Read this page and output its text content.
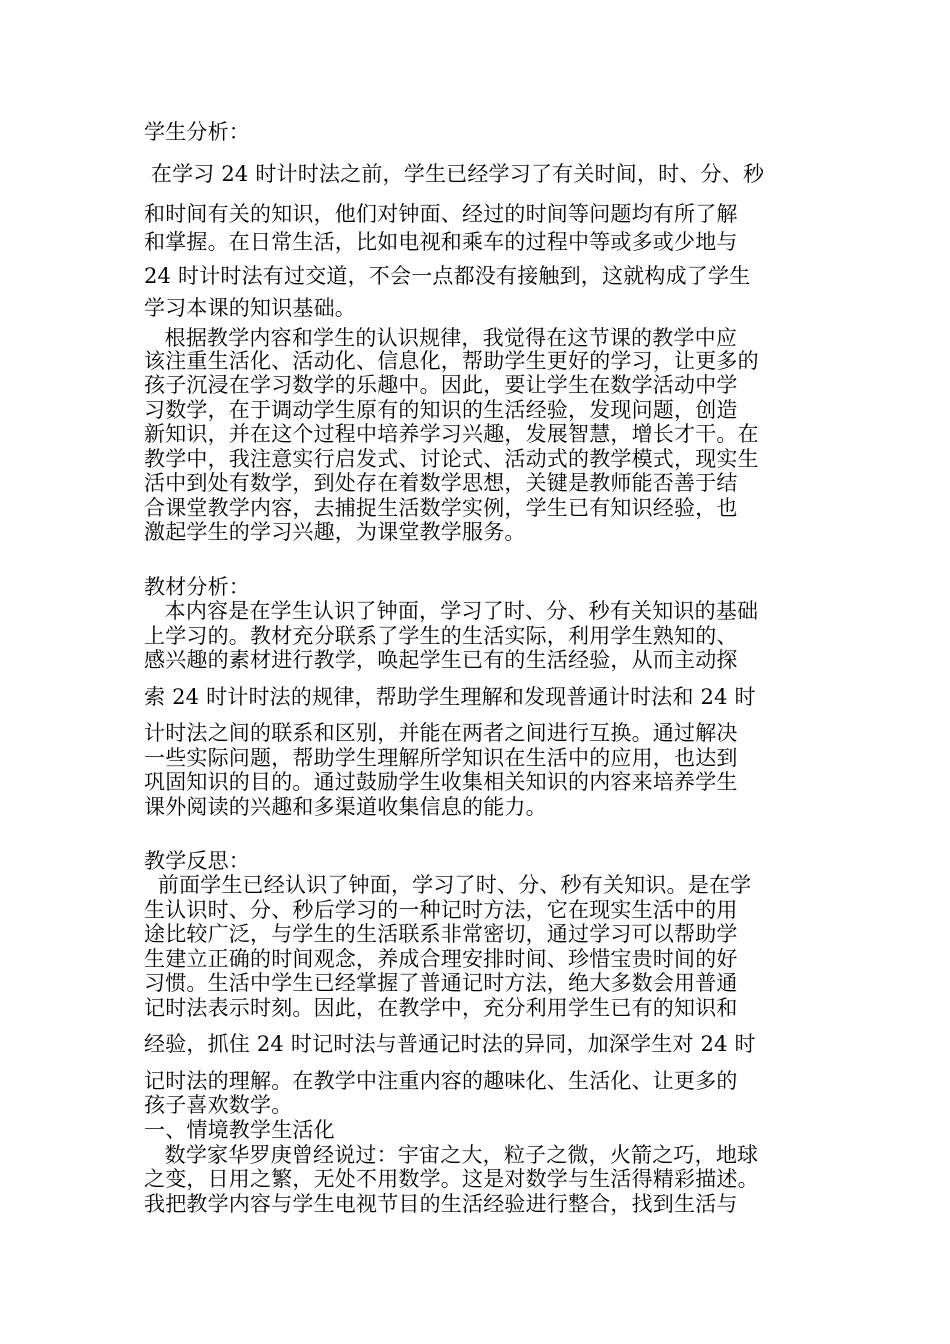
学生分析：
在学习 24 时计时法之前，学生已经学习了有关时间，时、分、秒
和时间有关的知识，他们对钟面、经过的时间等问题均有所了解
和掌握。在日常生活，比如电视和乘车的过程中等或多或少地与
24 时计时法有过交道，不会一点都没有接触到，这就构成了学生
学习本课的知识基础。
根据教学内容和学生的认识规律，我觉得在这节课的教学中应
该注重生活化、活动化、信息化，帮助学生更好的学习，让更多的
孩子沉浸在学习数学的乐趣中。因此，要让学生在数学活动中学
习数学，在于调动学生原有的知识的生活经验，发现问题，创造
新知识，并在这个过程中培养学习兴趣，发展智慧，增长才干。在
教学中，我注意实行启发式、讨论式、活动式的教学模式，现实生
活中到处有数学，到处存在着数学思想，关键是教师能否善于结
合课堂教学内容，去捕捉生活数学实例，学生已有知识经验，也
激起学生的学习兴趣，为课堂教学服务。
教材分析：
本内容是在学生认识了钟面，学习了时、分、秒有关知识的基础
上学习的。教材充分联系了学生的生活实际，利用学生熟知的、
感兴趣的素材进行教学，唤起学生已有的生活经验，从而主动探
索 24 时计时法的规律，帮助学生理解和发现普通计时法和 24 时
计时法之间的联系和区别，并能在两者之间进行互换。通过解决
一些实际问题，帮助学生理解所学知识在生活中的应用，也达到
巩固知识的目的。通过鼓励学生收集相关知识的内容来培养学生
课外阅读的兴趣和多渠道收集信息的能力。
教学反思：
前面学生已经认识了钟面，学习了时、分、秒有关知识。是在学
生认识时、分、秒后学习的一种记时方法，它在现实生活中的用
途比较广泛，与学生的生活联系非常密切，通过学习可以帮助学
生建立正确的时间观念，养成合理安排时间、珍惜宝贵时间的好
习惯。生活中学生已经掌握了普通记时方法，绝大多数会用普通
记时法表示时刻。因此，在教学中，充分利用学生已有的知识和
经验，抓住 24 时记时法与普通记时法的异同，加深学生对 24 时
记时法的理解。在教学中注重内容的趣味化、生活化、让更多的
孩子喜欢数学。
一、情境教学生活化
数学家华罗庚曾经说过：宇宙之大，粒子之微，火箭之巧，地球
之变，日用之繁，无处不用数学。这是对数学与生活得精彩描述。
我把教学内容与学生电视节目的生活经验进行整合，找到生活与
